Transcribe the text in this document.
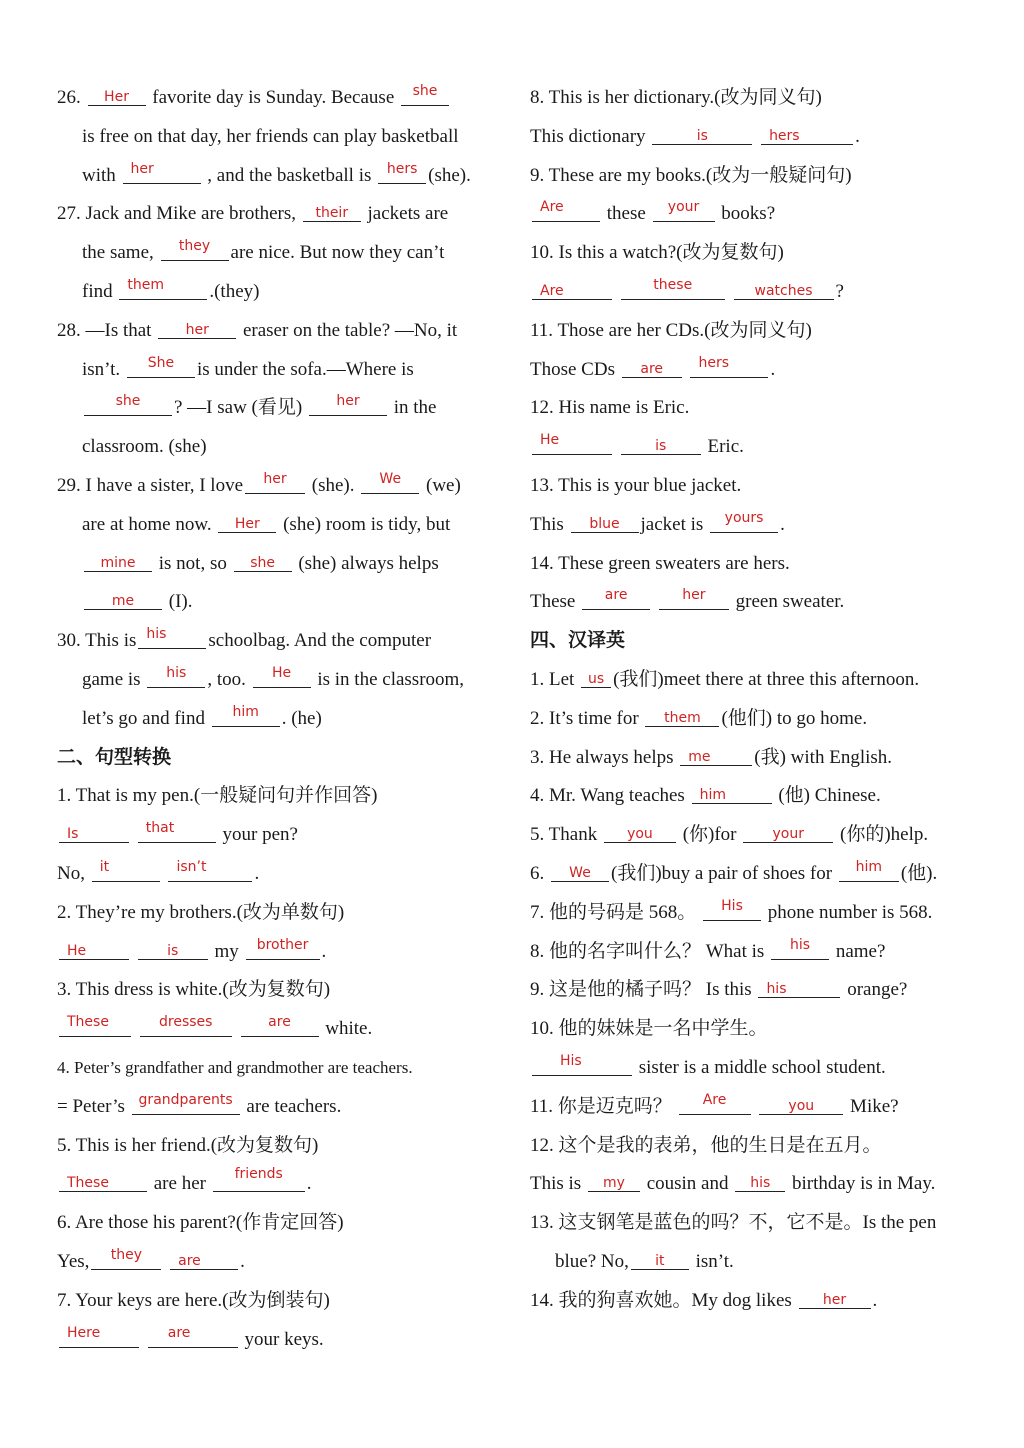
26.	Her	favorite day is Sunday. Because	she
is free on that day, her friends can play basketball
with	her	, and the basketball is	hers (she).
27. Jack and Mike are brothers,	their	jackets are
the same,	they	are nice. But now they can’t
find	them	.(they)
28. —Is that	her	eraser on the table? —No, it
isn’t.	She	is under the sofa.—Where is
she	? —I saw (看见)	her	in the
classroom. (she)
29. I have a sister, I love	her	(she).	We	(we)
are at home now.	Her	(she) room is tidy, but
mine	is not, so	she	(she) always helps
me	(I).
30. This is his	schoolbag. And the computer
game is	his	, too.	He	is in the classroom,
let’s go and find	him	. (he)
二、句型转换
1. That is my pen.(一般疑问句并作回答)
Is
	that	your pen?
No,	it
	isn’t	.
2. They’re my brothers.(改为单数句)
He
	is	my	brother .
3. This dress is white.(改为复数句)
These
	dresses
	are	white.
4. Peter’s grandfather and grandmother are teachers.
= Peter’s grandparents are teachers.
5. This is her friend.(改为复数句)
These	are her	friends	.
6. Are those his parent?(作肯定回答)
Yes,	they
	are	.
7. Your keys are here.(改为倒装句)
Here
	are	your keys.
8. This is her dictionary.(改为同义句)
This dictionary	is
	hers	.
9. These are my books.(改为一般疑问句)
Are	these	your	books?
10. Is this a watch?(改为复数句)
Are
	these
	watches	?
11. Those are her CDs.(改为同义句)
Those CDs	are
	hers	.
12. His name is Eric.
He
	is	Eric.
13. This is your blue jacket.
This	blue	jacket is	yours .
14. These green sweaters are hers.
These	are
	her	green sweater.
四、汉译英
1. Let us (我们)meet there at three this afternoon.
2. It’s time for	them	(他们) to go home.
3. He always helps	me	(我) with English.
4. Mr. Wang teaches	him	(他) Chinese.
5. Thank	you	(你)for	your	(你的)help.
6.	We	(我们)buy a pair of shoes for	him (他).
7. 他的号码是 568。	His	phone number is 568.
8. 他的名字叫什么？ What is	his	name?
9. 这是他的橘子吗？ Is this	his	orange?
10. 他的妹妹是一名中学生。
His	sister is a middle school student.
11. 你是迈克吗？	Are
	you	Mike?
12. 这个是我的表弟，他的生日是在五月。
This is	my	cousin and	his	birthday is in May.
13. 这支钢笔是蓝色的吗？不，它不是。Is the pen
blue? No,	it	isn’t.
14. 我的狗喜欢她。My dog likes	her	.
